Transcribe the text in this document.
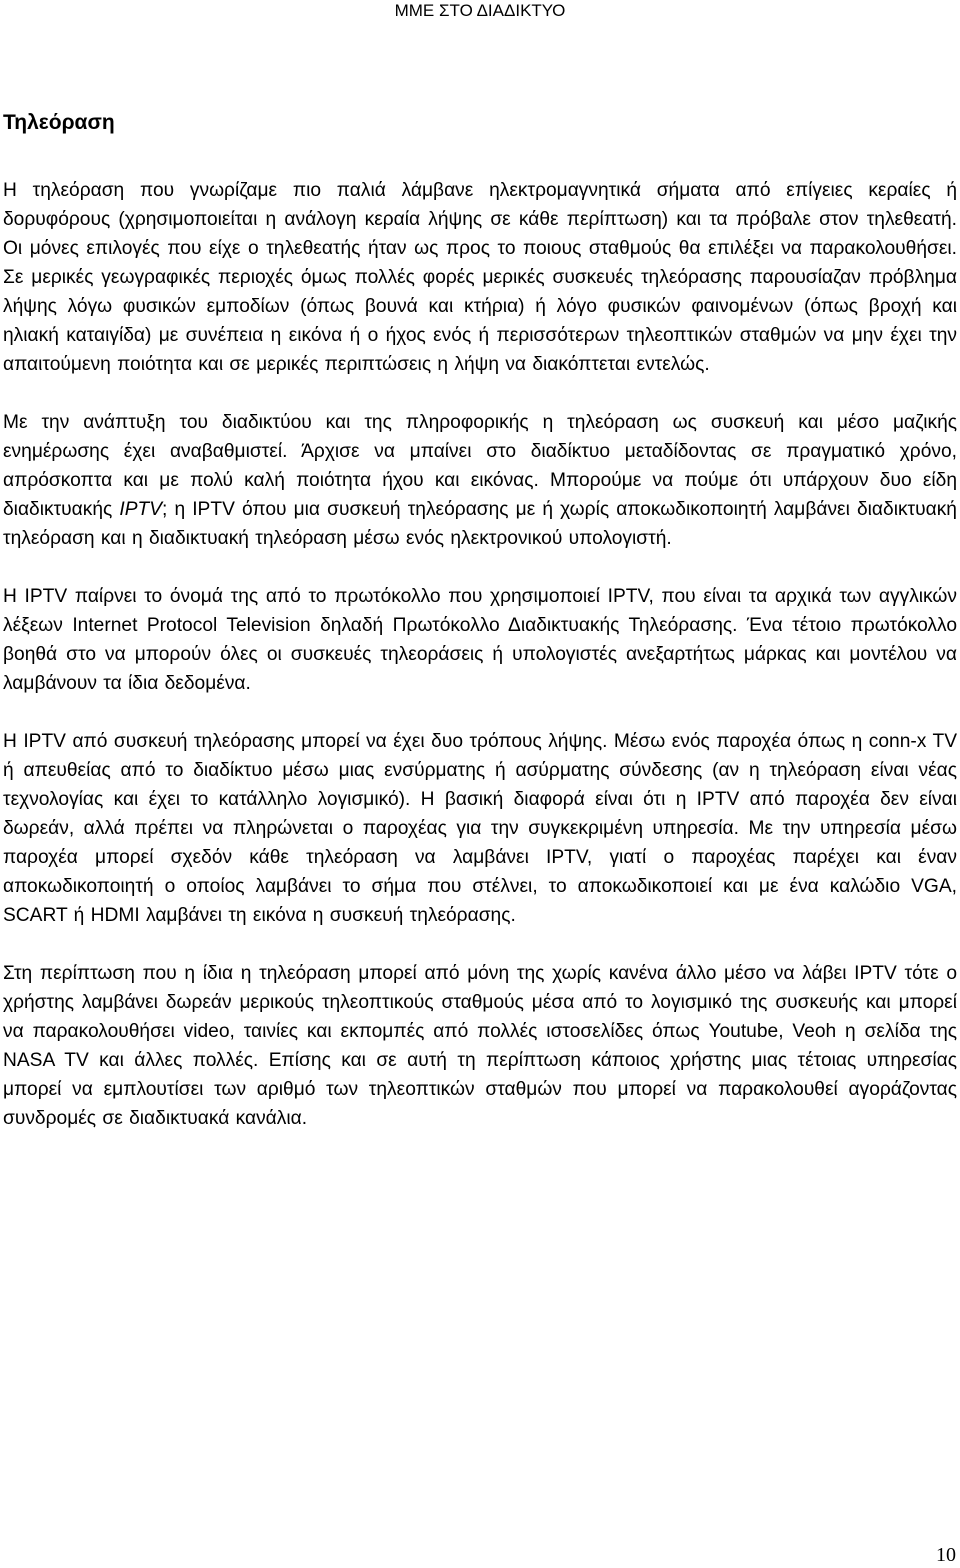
ΜΜΕ ΣΤΟ ΔΙΑΔΙΚΤΥΟ
Τηλεόραση

Η τηλεόραση που γνωρίζαμε πιο παλιά λάμβανε ηλεκτρομαγνητικά σήματα από επίγειες κεραίες ή δορυφόρους (χρησιμοποιείται η ανάλογη κεραία λήψης σε κάθε περίπτωση) και τα πρόβαλε στον τηλεθεατή. Οι μόνες επιλογές που είχε ο τηλεθεατής ήταν ως προς το ποιους σταθμούς θα επιλέξει να παρακολουθήσει. Σε μερικές γεωγραφικές περιοχές όμως πολλές φορές μερικές συσκευές τηλεόρασης παρουσίαζαν πρόβλημα λήψης λόγω φυσικών εμποδίων (όπως βουνά και κτήρια) ή λόγο φυσικών φαινομένων (όπως βροχή και ηλιακή καταιγίδα) με συνέπεια η εικόνα ή ο ήχος ενός ή περισσότερων τηλεοπτικών σταθμών να μην έχει την απαιτούμενη ποιότητα και σε μερικές περιπτώσεις η λήψη να διακόπτεται εντελώς.

Με την ανάπτυξη του διαδικτύου και της πληροφορικής η τηλεόραση ως συσκευή και μέσο μαζικής ενημέρωσης έχει αναβαθμιστεί. Άρχισε να μπαίνει στο διαδίκτυο μεταδίδοντας σε πραγματικό χρόνο, απρόσκοπτα και με πολύ καλή ποιότητα ήχου και εικόνας. Μπορούμε να πούμε ότι υπάρχουν δυο είδη διαδικτυακής IPTV; η IPTV όπου μια συσκευή τηλεόρασης με ή χωρίς αποκωδικοποιητή λαμβάνει διαδικτυακή τηλεόραση και η διαδικτυακή τηλεόραση μέσω ενός ηλεκτρονικού υπολογιστή.

Η IPTV παίρνει το όνομά της από το πρωτόκολλο που χρησιμοποιεί IPTV, που είναι τα αρχικά των αγγλικών λέξεων Internet Protocol Television δηλαδή Πρωτόκολλο Διαδικτυακής Τηλεόρασης. Ένα τέτοιο πρωτόκολλο βοηθά στο να μπορούν όλες οι συσκευές τηλεοράσεις ή υπολογιστές ανεξαρτήτως μάρκας και μοντέλου να λαμβάνουν τα ίδια δεδομένα.

Η IPTV από συσκευή τηλεόρασης μπορεί να έχει δυο τρόπους λήψης. Μέσω ενός παροχέα όπως η conn-x TV ή απευθείας από το διαδίκτυο μέσω μιας ενσύρματης ή ασύρματης σύνδεσης (αν η τηλεόραση είναι νέας τεχνολογίας και έχει το κατάλληλο λογισμικό). Η βασική διαφορά είναι ότι η IPTV από παροχέα δεν είναι δωρεάν, αλλά πρέπει να πληρώνεται ο παροχέας για την συγκεκριμένη υπηρεσία. Με την υπηρεσία μέσω παροχέα μπορεί σχεδόν κάθε τηλεόραση να λαμβάνει IPTV, γιατί ο παροχέας παρέχει και έναν αποκωδικοποιητή ο οποίος λαμβάνει το σήμα που στέλνει, το αποκωδικοποιεί και με ένα καλώδιο VGA, SCART ή HDMI λαμβάνει τη εικόνα η συσκευή τηλεόρασης.

Στη περίπτωση που η ίδια η τηλεόραση μπορεί από μόνη της χωρίς κανένα άλλο μέσο να λάβει IPTV τότε ο χρήστης λαμβάνει δωρεάν μερικούς τηλεοπτικούς σταθμούς μέσα από το λογισμικό της συσκευής και μπορεί να παρακολουθήσει video, ταινίες και εκπομπές από πολλές ιστοσελίδες όπως Youtube, Veoh η σελίδα της NASA TV και άλλες πολλές. Επίσης και σε αυτή τη περίπτωση κάποιος χρήστης μιας τέτοιας υπηρεσίας μπορεί να εμπλουτίσει των αριθμό των τηλεοπτικών σταθμών που μπορεί να παρακολουθεί αγοράζοντας συνδρομές σε διαδικτυακά κανάλια.

10
